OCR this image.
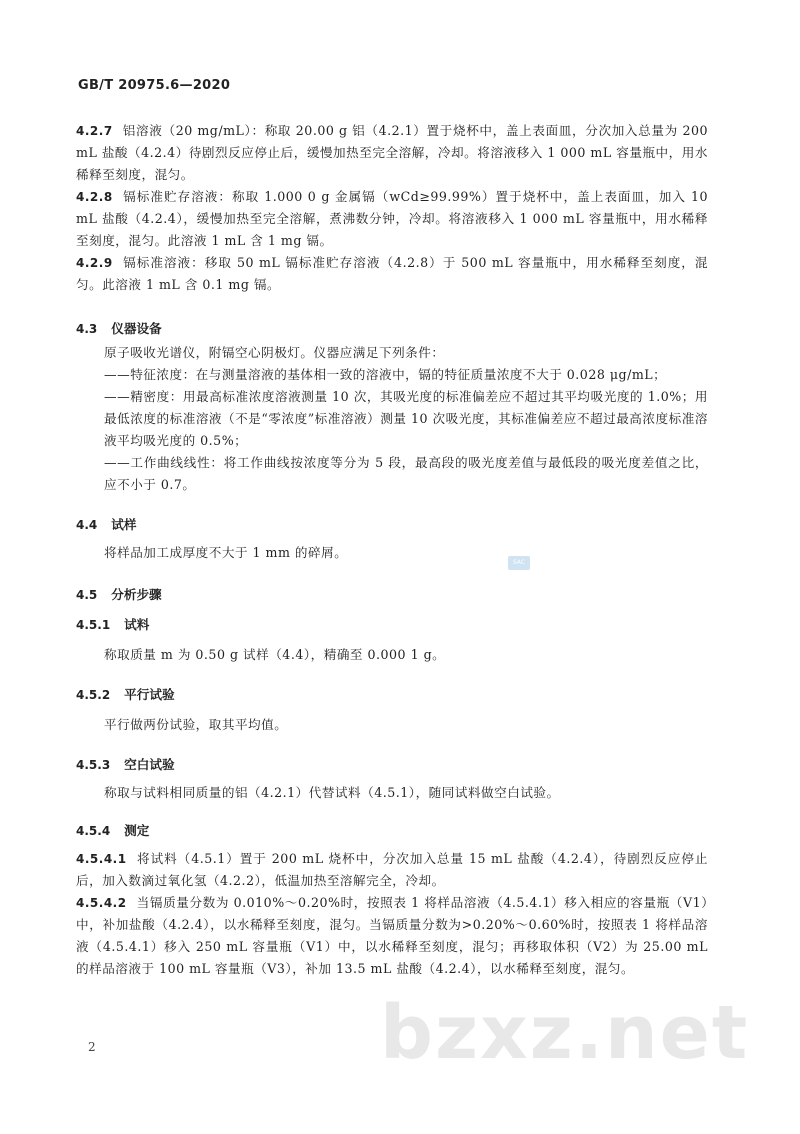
GB/T 20975.6—2020

4.2.7 铝溶液（20 mg/mL）：称取 20.00 g 铝（4.2.1）置于烧杯中，盖上表面皿，分次加入总量为 200 mL 盐酸（4.2.4）待剧烈反应停止后，缓慢加热至完全溶解，冷却。将溶液移入 1 000 mL 容量瓶中，用水稀释至刻度，混匀。

4.2.8 镉标准贮存溶液：称取 1.000 0 g 金属镉（wCd≥99.99%）置于烧杯中，盖上表面皿，加入 10 mL 盐酸（4.2.4），缓慢加热至完全溶解，煮沸数分钟，冷却。将溶液移入 1 000 mL 容量瓶中，用水稀释至刻度，混匀。此溶液 1 mL 含 1 mg 镉。

4.2.9 镉标准溶液：移取 50 mL 镉标准贮存溶液（4.2.8）于 500 mL 容量瓶中，用水稀释至刻度，混匀。此溶液 1 mL 含 0.1 mg 镉。

4.3 仪器设备

原子吸收光谱仪，附镉空心阴极灯。仪器应满足下列条件：

——特征浓度：在与测量溶液的基体相一致的溶液中，镉的特征质量浓度不大于 0.028 μg/mL；
——精密度：用最高标准浓度溶液测量 10 次，其吸光度的标准偏差应不超过其平均吸光度的 1.0%；用最低浓度的标准溶液（不是“零浓度”标准溶液）测量 10 次吸光度，其标准偏差应不超过最高浓度标准溶液平均吸光度的 0.5%；
——工作曲线线性：将工作曲线按浓度等分为 5 段，最高段的吸光度差值与最低段的吸光度差值之比，应不小于 0.7。
4.4 试样

将样品加工成厚度不大于 1 mm 的碎屑。

SAC
4.5 分析步骤
4.5.1 试料

称取质量 m 为 0.50 g 试样（4.4），精确至 0.000 1 g。

4.5.2 平行试验

平行做两份试验，取其平均值。

4.5.3 空白试验

称取与试料相同质量的铝（4.2.1）代替试料（4.5.1），随同试料做空白试验。

4.5.4 测定

4.5.4.1 将试料（4.5.1）置于 200 mL 烧杯中，分次加入总量 15 mL 盐酸（4.2.4），待剧烈反应停止后，加入数滴过氧化氢（4.2.2），低温加热至溶解完全，冷却。

4.5.4.2 当镉质量分数为 0.010%～0.20%时，按照表 1 将样品溶液（4.5.4.1）移入相应的容量瓶（V1）中，补加盐酸（4.2.4），以水稀释至刻度，混匀。当镉质量分数为>0.20%～0.60%时，按照表 1 将样品溶液（4.5.4.1）移入 250 mL 容量瓶（V1）中，以水稀释至刻度，混匀；再移取体积（V2）为 25.00 mL 的样品溶液于 100 mL 容量瓶（V3），补加 13.5 mL 盐酸（4.2.4），以水稀释至刻度，混匀。

bzxz.net
2
